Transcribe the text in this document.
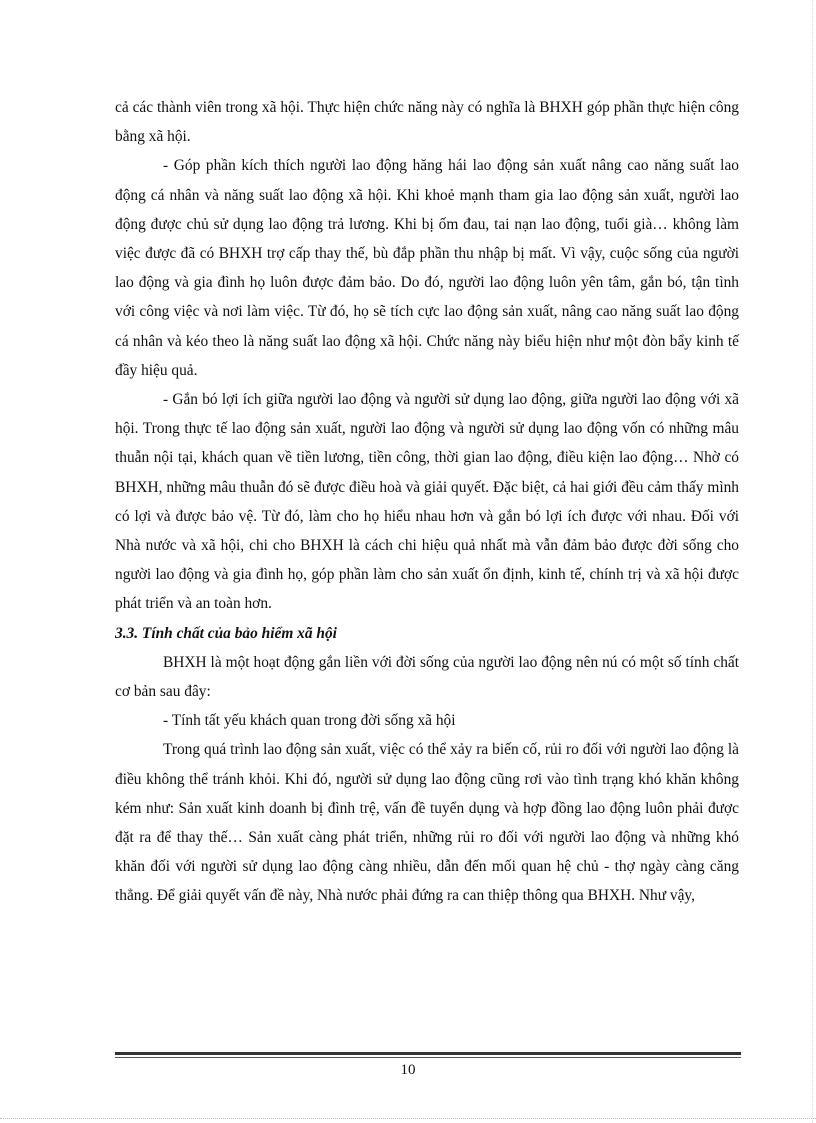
cả các thành viên trong xã hội. Thực hiện chức năng này có nghĩa là BHXH góp phần thực hiện công bằng xã hội.

- Góp phần kích thích người lao động hăng hái lao động sản xuất nâng cao năng suất lao động cá nhân và năng suất lao động xã hội. Khi khoẻ mạnh tham gia lao động sản xuất, người lao động được chủ sử dụng lao động trả lương. Khi bị ốm đau, tai nạn lao động, tuổi già… không làm việc được đã có BHXH trợ cấp thay thế, bù đắp phần thu nhập bị mất. Vì vậy, cuộc sống của người lao động và gia đình họ luôn được đảm bảo. Do đó, người lao động luôn yên tâm, gắn bó, tận tình với công việc và nơi làm việc. Từ đó, họ sẽ tích cực lao động sản xuất, nâng cao năng suất lao động cá nhân và kéo theo là năng suất lao động xã hội. Chức năng này biểu hiện như một đòn bẩy kinh tế đầy hiệu quả.

- Gắn bó lợi ích giữa người lao động và người sử dụng lao động, giữa người lao động với xã hội. Trong thực tế lao động sản xuất, người lao động và người sử dụng lao động vốn có những mâu thuẫn nội tại, khách quan về tiền lương, tiền công, thời gian lao động, điều kiện lao động… Nhờ có BHXH, những mâu thuẫn đó sẽ được điều hoà và giải quyết. Đặc biệt, cả hai giới đều cảm thấy mình có lợi và được bảo vệ. Từ đó, làm cho họ hiểu nhau hơn và gắn bó lợi ích được với nhau. Đối với Nhà nước và xã hội, chi cho BHXH là cách chi hiệu quả nhất mà vẫn đảm bảo được đời sống cho người lao động và gia đình họ, góp phần làm cho sản xuất ổn định, kinh tế, chính trị và xã hội được phát triển và an toàn hơn.

3.3. Tính chất của bảo hiểm xã hội

BHXH là một hoạt động gắn liền với đời sống của người lao động nên nú có một số tính chất cơ bản sau đây:

- Tính tất yếu khách quan trong đời sống xã hội

Trong quá trình lao động sản xuất, việc có thể xảy ra biến cố, rủi ro đối với người lao động là điều không thể tránh khỏi. Khi đó, người sử dụng lao động cũng rơi vào tình trạng khó khăn không kém như: Sản xuất kinh doanh bị đình trệ, vấn đề tuyển dụng và hợp đồng lao động luôn phải được đặt ra để thay thế… Sản xuất càng phát triển, những rủi ro đối với người lao động và những khó khăn đối với người sử dụng lao động càng nhiều, dẫn đến mối quan hệ chủ - thợ ngày càng căng thẳng. Để giải quyết vấn đề này, Nhà nước phải đứng ra can thiệp thông qua BHXH. Như vậy,

10
